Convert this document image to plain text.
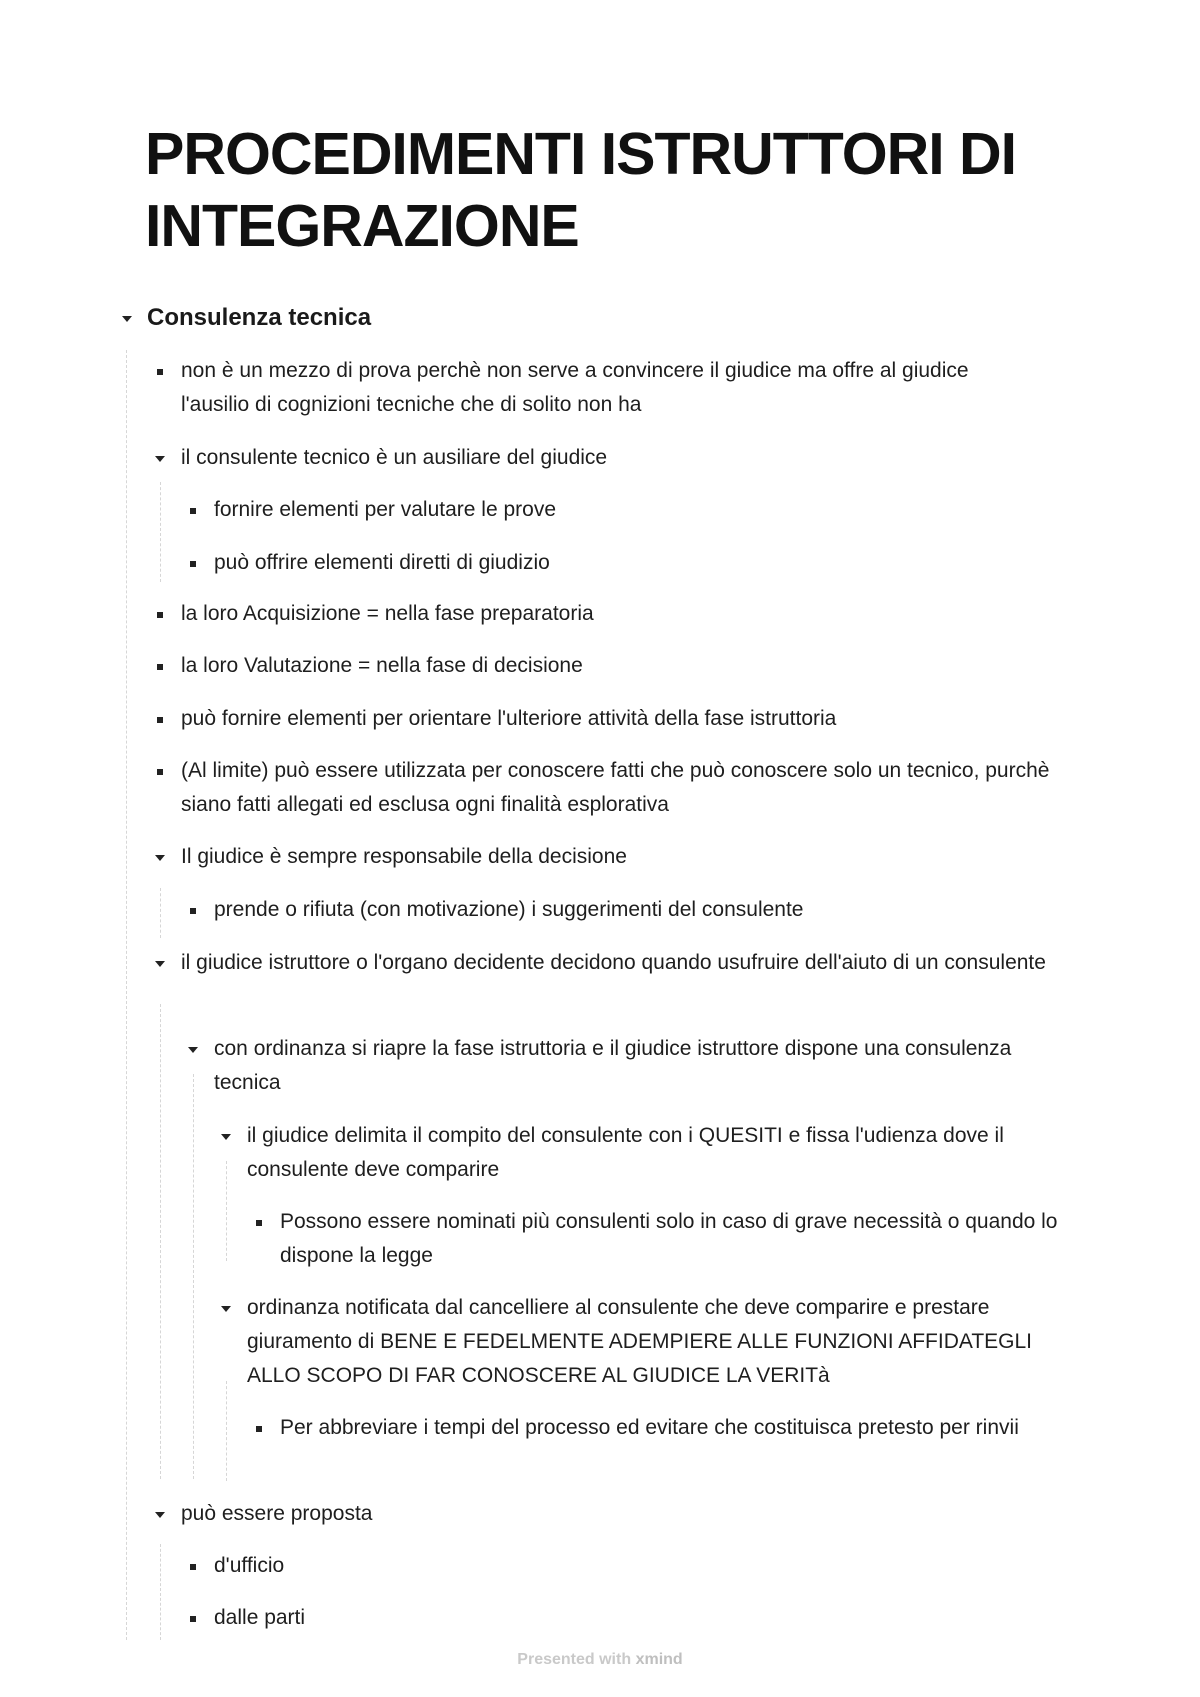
PROCEDIMENTI ISTRUTTORI DI INTEGRAZIONE
Consulenza tecnica
non è un mezzo di prova perchè non serve a convincere il giudice ma offre al giudice l'ausilio di cognizioni tecniche che di solito non ha
il consulente tecnico è un ausiliare del giudice
fornire elementi per valutare le prove
può offrire elementi diretti di giudizio
la loro Acquisizione = nella fase preparatoria
la loro Valutazione = nella fase di decisione
può fornire elementi per orientare l'ulteriore attività della fase istruttoria
(Al limite) può essere utilizzata per conoscere fatti che può conoscere solo un tecnico, purchè siano fatti allegati ed esclusa ogni finalità esplorativa
Il giudice è sempre responsabile della decisione
prende o rifiuta (con motivazione) i suggerimenti del consulente
il giudice istruttore o l'organo decidente decidono quando usufruire dell'aiuto di un consulente
con ordinanza si riapre la fase istruttoria e il giudice istruttore dispone una consulenza tecnica
il giudice delimita il compito del consulente con i QUESITI e fissa l'udienza dove il consulente deve comparire
Possono essere nominati più consulenti solo in caso di grave necessità o quando lo dispone la legge
ordinanza notificata dal cancelliere al consulente che deve comparire e prestare giuramento di BENE E FEDELMENTE ADEMPIERE ALLE FUNZIONI AFFIDATEGLI ALLO SCOPO DI FAR CONOSCERE AL GIUDICE LA VERITà
Per abbreviare i tempi del processo ed evitare che costituisca pretesto per rinvii
può essere proposta
d'ufficio
dalle parti
Presented with xmind
